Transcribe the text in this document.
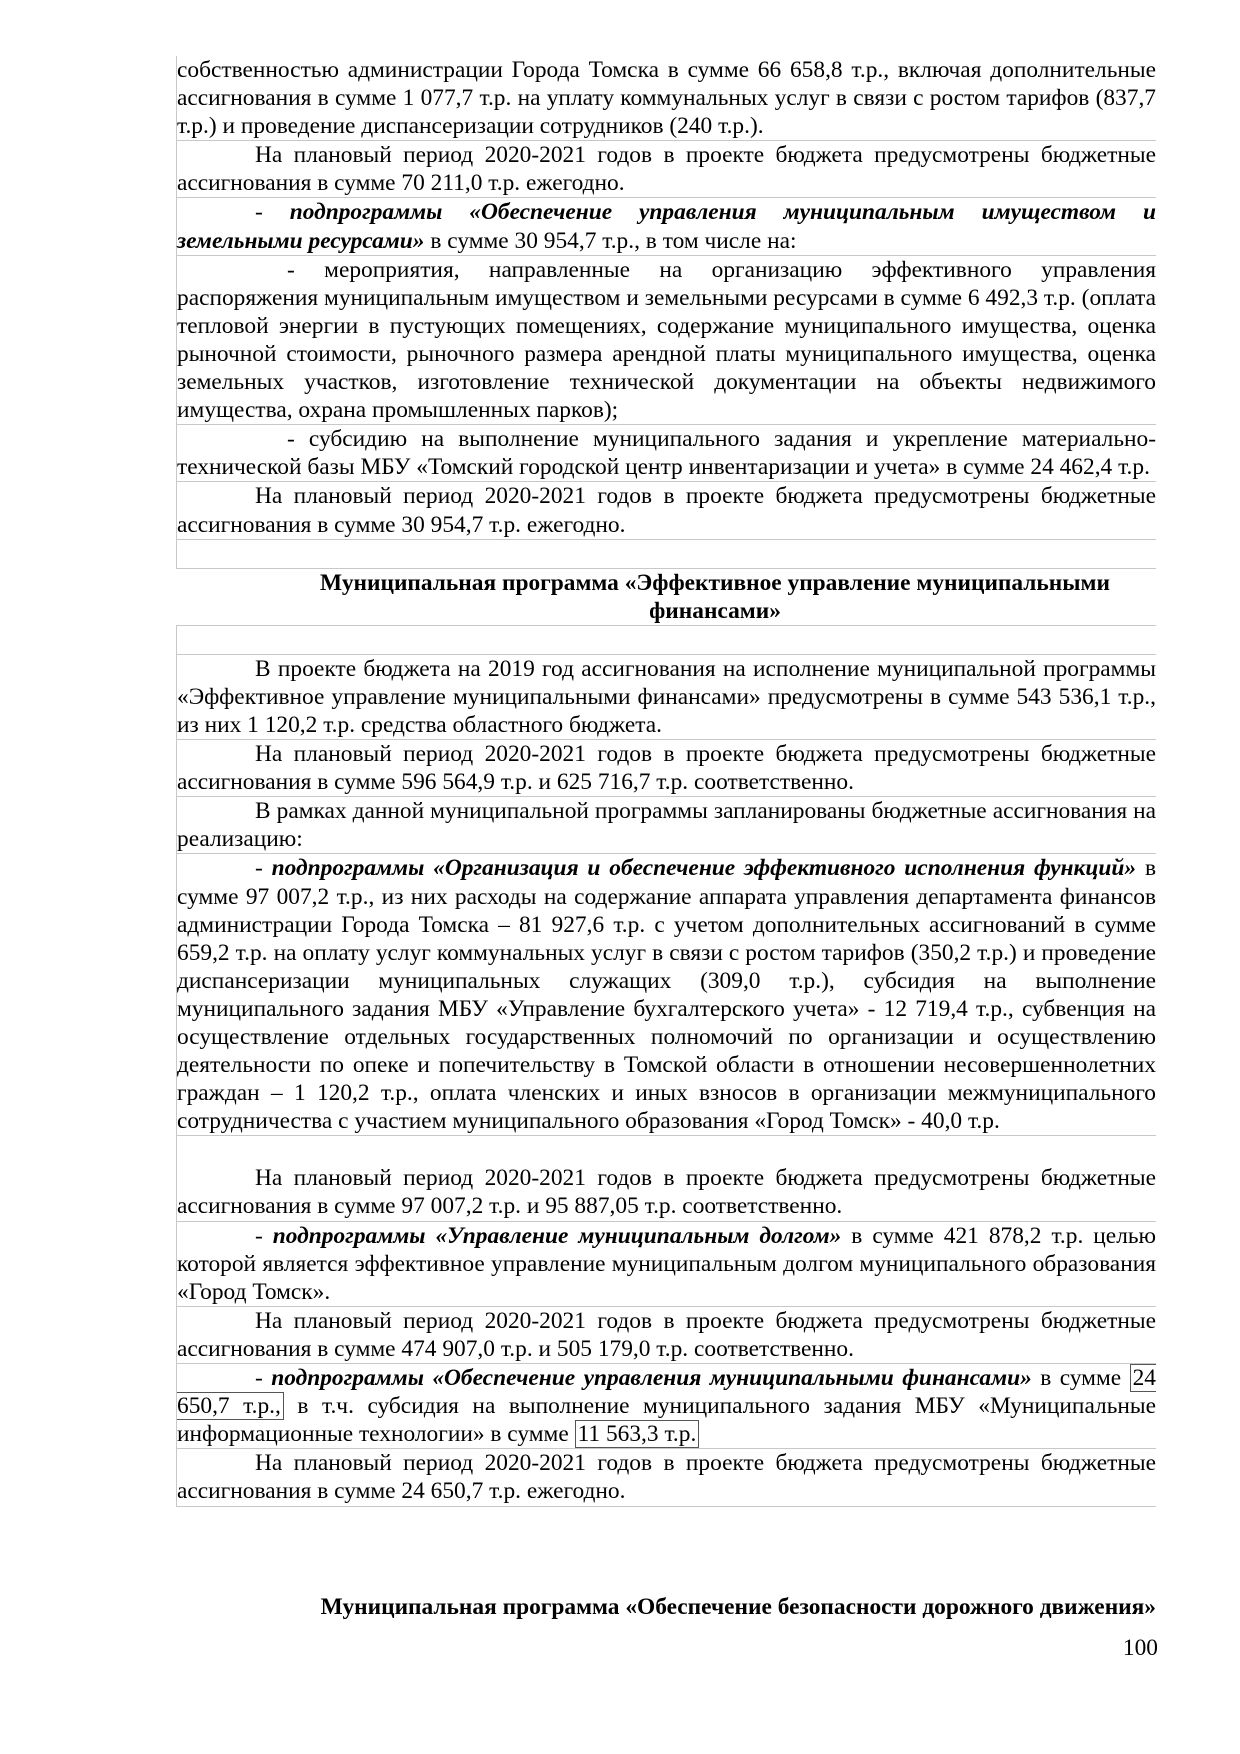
собственностью администрации Города Томска в сумме 66 658,8 т.р., включая дополнительные ассигнования в сумме 1 077,7 т.р. на уплату коммунальных услуг в связи с ростом тарифов (837,7 т.р.) и проведение диспансеризации сотрудников (240 т.р.).

На плановый период 2020-2021 годов в проекте бюджета предусмотрены бюджетные ассигнования в сумме 70 211,0 т.р. ежегодно.

- подпрограммы «Обеспечение управления муниципальным имуществом и земельными ресурсами» в сумме 30 954,7 т.р., в том числе на:

- мероприятия, направленные на организацию эффективного управления распоряжения муниципальным имуществом и земельными ресурсами в сумме 6 492,3 т.р. (оплата тепловой энергии в пустующих помещениях, содержание муниципального имущества, оценка рыночной стоимости, рыночного размера арендной платы муниципального имущества, оценка земельных участков, изготовление технической документации на объекты недвижимого имущества, охрана промышленных парков);

- субсидию на выполнение муниципального задания и укрепление материально-технической базы МБУ «Томский городской центр инвентаризации и учета» в сумме 24 462,4 т.р.

На плановый период 2020-2021 годов в проекте бюджета предусмотрены бюджетные ассигнования в сумме 30 954,7 т.р. ежегодно.

Муниципальная программа «Эффективное управление муниципальными финансами»

В проекте бюджета на 2019 год ассигнования на исполнение муниципальной программы «Эффективное управление муниципальными финансами» предусмотрены в сумме 543 536,1 т.р., из них 1 120,2 т.р. средства областного бюджета.

На плановый период 2020-2021 годов в проекте бюджета предусмотрены бюджетные ассигнования в сумме 596 564,9 т.р. и 625 716,7 т.р. соответственно.

В рамках данной муниципальной программы запланированы бюджетные ассигнования на реализацию:

- подпрограммы «Организация и обеспечение эффективного исполнения функций» в сумме 97 007,2 т.р., из них расходы на содержание аппарата управления департамента финансов администрации Города Томска – 81 927,6 т.р. с учетом дополнительных ассигнований в сумме 659,2 т.р. на оплату услуг коммунальных услуг в связи с ростом тарифов (350,2 т.р.) и проведение диспансеризации муниципальных служащих (309,0 т.р.), субсидия на выполнение муниципального задания МБУ «Управление бухгалтерского учета» - 12 719,4 т.р., субвенция на осуществление отдельных государственных полномочий по организации и осуществлению деятельности по опеке и попечительству в Томской области в отношении несовершеннолетних граждан – 1 120,2 т.р., оплата членских и иных взносов в организации межмуниципального сотрудничества с участием муниципального образования «Город Томск» - 40,0 т.р.

На плановый период 2020-2021 годов в проекте бюджета предусмотрены бюджетные ассигнования в сумме 97 007,2 т.р. и 95 887,05 т.р. соответственно.

- подпрограммы «Управление муниципальным долгом» в сумме 421 878,2 т.р. целью которой является эффективное управление муниципальным долгом муниципального образования «Город Томск».

На плановый период 2020-2021 годов в проекте бюджета предусмотрены бюджетные ассигнования в сумме 474 907,0 т.р. и 505 179,0 т.р. соответственно.

- подпрограммы «Обеспечение управления муниципальными финансами» в сумме 24 650,7 т.р., в т.ч. субсидия на выполнение муниципального задания МБУ «Муниципальные информационные технологии» в сумме 11 563,3 т.р.

На плановый период 2020-2021 годов в проекте бюджета предусмотрены бюджетные ассигнования в сумме 24 650,7 т.р. ежегодно.

Муниципальная программа «Обеспечение безопасности дорожного движения»
100
